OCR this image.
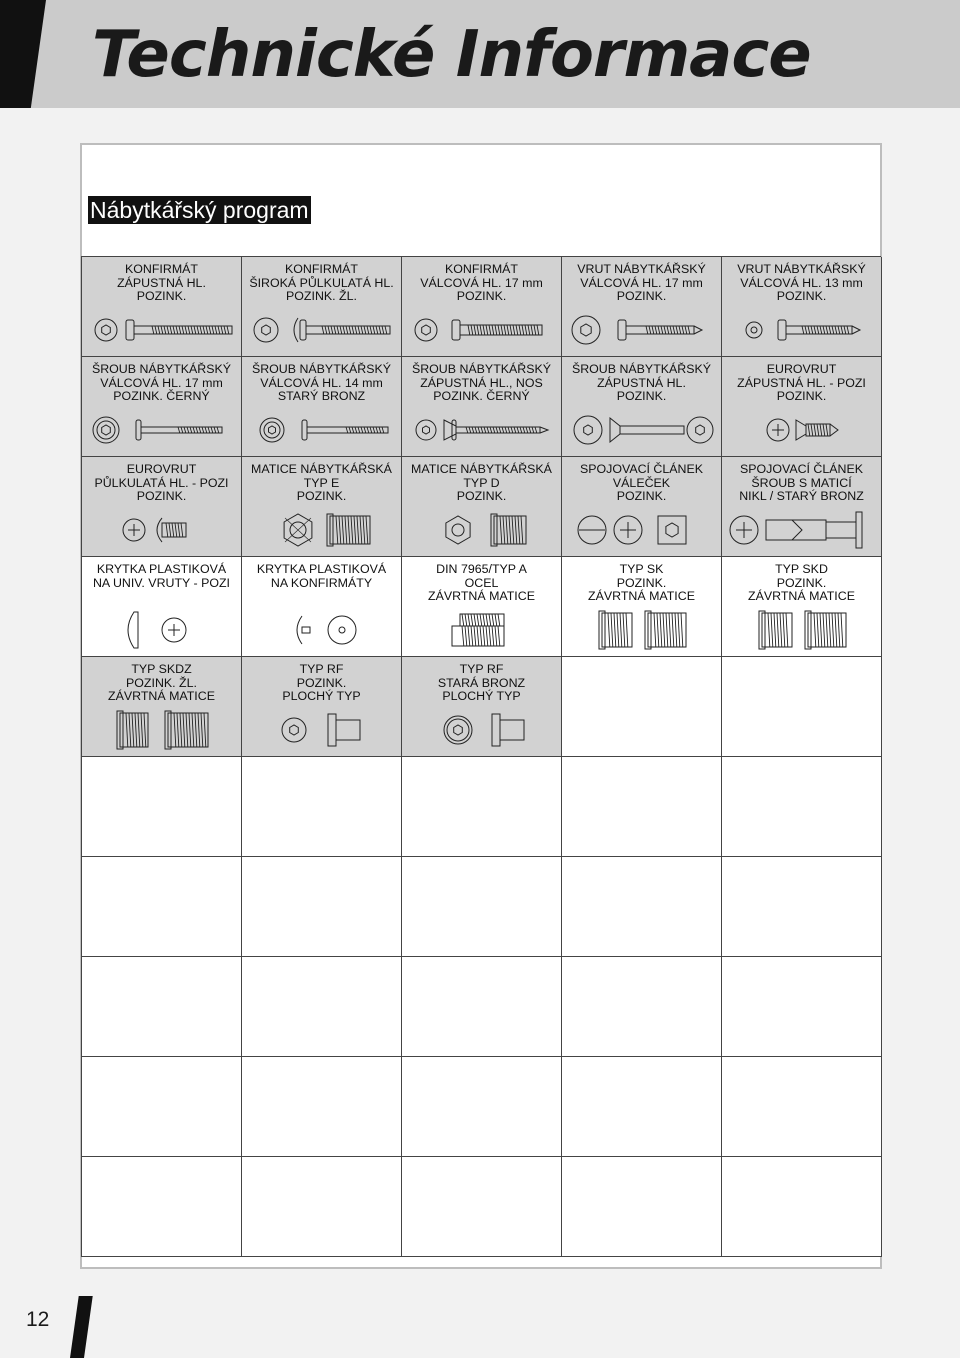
Technické Informace
Nábytkářský program
KONFIRMÁT
ZÁPUSTNÁ HL.
POZINK.
KONFIRMÁT
ŠIROKÁ PŮLKULATÁ HL.
POZINK. ŽL.
KONFIRMÁT
VÁLCOVÁ HL. 17 mm
POZINK.
VRUT NÁBYTKÁŘSKÝ
VÁLCOVÁ HL. 17 mm
POZINK.
VRUT NÁBYTKÁŘSKÝ
VÁLCOVÁ HL. 13 mm
POZINK.
ŠROUB NÁBYTKÁŘSKÝ
VÁLCOVÁ HL. 17 mm
POZINK. ČERNÝ
ŠROUB NÁBYTKÁŘSKÝ
VÁLCOVÁ HL. 14 mm
STARÝ BRONZ
ŠROUB NÁBYTKÁŘSKÝ
ZÁPUSTNÁ HL., NOS
POZINK. ČERNÝ
ŠROUB NÁBYTKÁŘSKÝ
ZÁPUSTNÁ HL.
POZINK.
EUROVRUT
ZÁPUSTNÁ HL. - POZI
POZINK.
EUROVRUT
PŮLKULATÁ HL. - POZI
POZINK.
MATICE NÁBYTKÁŘSKÁ
TYP E
POZINK.
MATICE NÁBYTKÁŘSKÁ
TYP D
POZINK.
SPOJOVACÍ ČLÁNEK
VÁLEČEK
POZINK.
SPOJOVACÍ ČLÁNEK
ŠROUB S MATICÍ
NIKL / STARÝ BRONZ
KRYTKA PLASTIKOVÁ
NA UNIV. VRUTY - POZI
KRYTKA PLASTIKOVÁ
NA KONFIRMÁTY
DIN 7965/TYP A
OCEL
ZÁVRTNÁ MATICE
TYP SK
POZINK.
ZÁVRTNÁ MATICE
TYP SKD
POZINK.
ZÁVRTNÁ MATICE
TYP SKDZ
POZINK. ŽL.
ZÁVRTNÁ MATICE
TYP RF
POZINK.
PLOCHÝ TYP
TYP RF
STARÁ BRONZ
PLOCHÝ TYP
12
